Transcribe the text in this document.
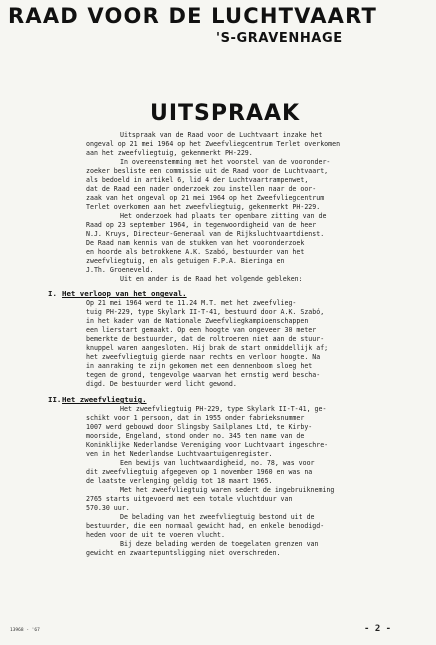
RAAD VOOR DE LUCHTVAART
'S-GRAVENHAGE
UITSPRAAK
Uitspraak van de Raad voor de Luchtvaart inzake het
ongeval op 21 mei 1964 op het Zweefvliegcentrum Terlet overkomen
aan het zweefvliegtuig, gekenmerkt PH-229.
In overeenstemming met het voorstel van de vooronder-
zoeker besliste een commissie uit de Raad voor de Luchtvaart,
als bedoeld in artikel 6, lid 4 der Luchtvaartrampenwet,
dat de Raad een nader onderzoek zou instellen naar de oor-
zaak van het ongeval op 21 mei 1964 op het Zweefvliegcentrum
Terlet overkomen aan het zweefvliegtuig, gekenmerkt PH-229.
Het onderzoek had plaats ter openbare zitting van de
Raad op 23 september 1964, in tegenwoordigheid van de heer
N.J. Kruys, Directeur-Generaal van de Rijksluchtvaartdienst.
De Raad nam kennis van de stukken van het vooronderzoek
en hoorde als betrokkene A.K. Szabó, bestuurder van het
zweefvliegtuig, en als getuigen F.P.A. Bieringa en
J.Th. Groeneveld.
Uit en ander is de Raad het volgende gebleken:
I. Het verloop van het ongeval.
Op 21 mei 1964 werd te 11.24 M.T. met het zweefvlieg-
tuig PH-229, type Skylark II-T-41, bestuurd door A.K. Szabó,
in het kader van de Nationale Zweefvliegkampioenschappen
een lierstart gemaakt. Op een hoogte van ongeveer 30 meter
bemerkte de bestuurder, dat de roltroeren niet aan de stuur-
knuppel waren aangesloten. Hij brak de start onmiddellijk af;
het zweefvliegtuig gierde naar rechts en verloor hoogte. Na
in aanraking te zijn gekomen met een dennenboom sloeg het
tegen de grond, tengevolge waarvan het ernstig werd bescha-
digd. De bestuurder werd licht gewond.
II.Het zweefvliegtuig.
Het zweefvliegtuig PH-229, type Skylark II-T-41, ge-
schikt voor 1 persoon, dat in 1955 onder fabrieksnummer
1007 werd gebouwd door Slingsby Sailplanes Ltd, te Kirby-
moorside, Engeland, stond onder no. 345 ten name van de
Koninklijke Nederlandse Vereniging voor Luchtvaart ingeschre-
ven in het Nederlandse Luchtvaartuigenregister.
Een bewijs van luchtwaardigheid, no. 78, was voor
dit zweefvliegtuig afgegeven op 1 november 1960 en was na
de laatste verlenging geldig tot 18 maart 1965.
Met het zweefvliegtuig waren sedert de ingebruikneming
2765 starts uitgevoerd met een totale vluchtduur van
570.30 uur.
De belading van het zweefvliegtuig bestond uit de
bestuurder, die een normaal gewicht had, en enkele benodigd-
heden voor de uit te voeren vlucht.
Bij deze belading werden de toegelaten grenzen van
gewicht en zwaartepuntsligging niet overschreden.
13968 - '67	- 2 -
